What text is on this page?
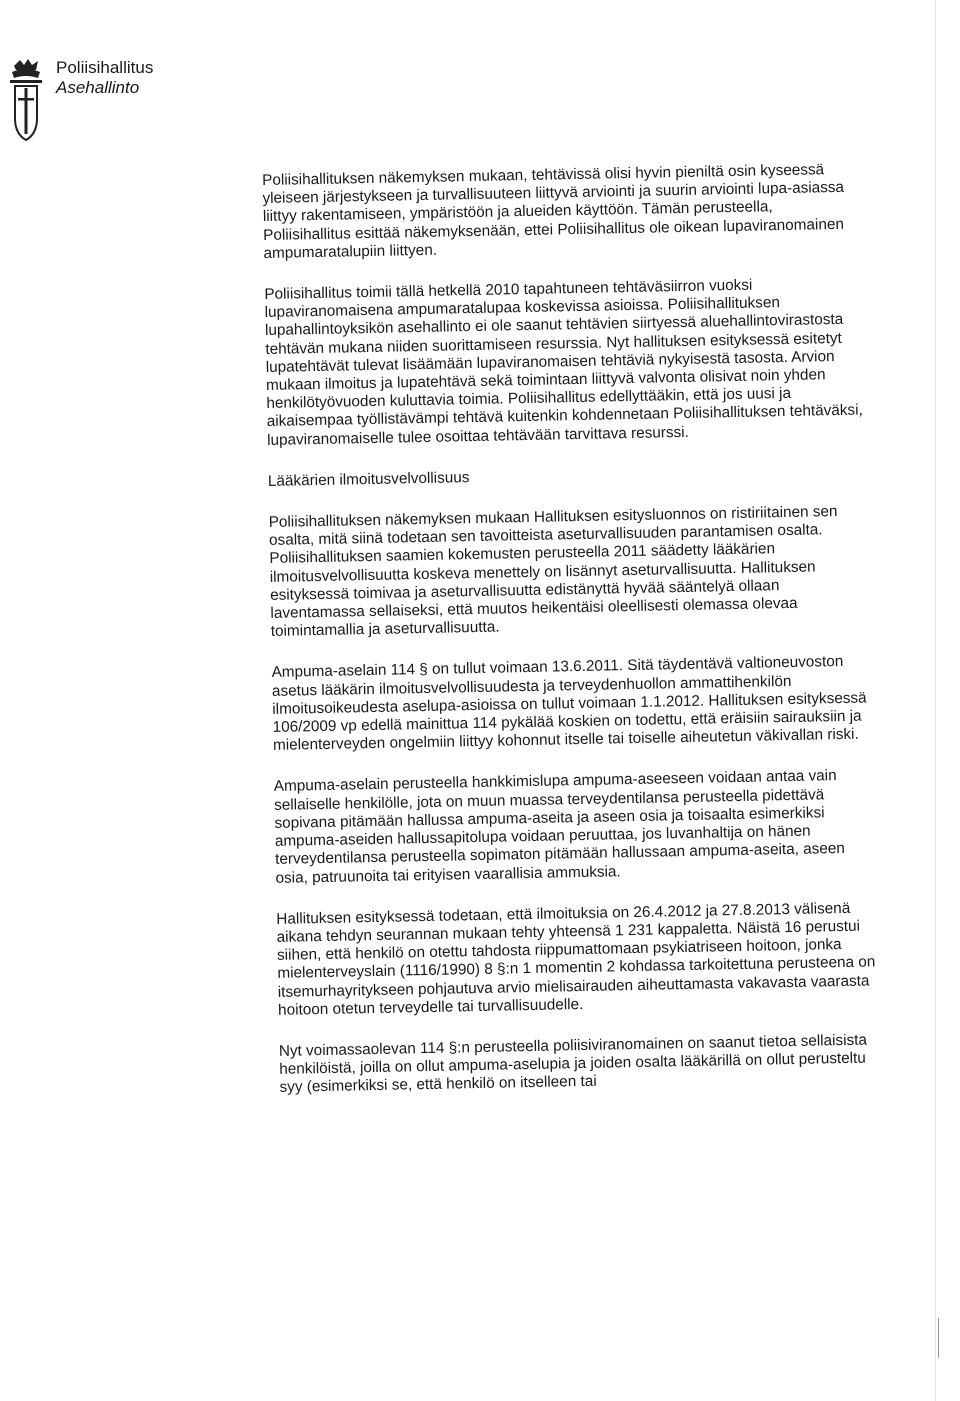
Poliisihallitus
Asehallinto

Poliisihallituksen näkemyksen mukaan, tehtävissä olisi hyvin pieniltä osin kyseessä yleiseen järjestykseen ja turvallisuuteen liittyvä arviointi ja suurin arviointi lupa-asiassa liittyy rakentamiseen, ympäristöön ja alueiden käyttöön. Tämän perusteella, Poliisihallitus esittää näkemyksenään, ettei Poliisihallitus ole oikean lupaviranomainen ampumaratalupiin liittyen.

Poliisihallitus toimii tällä hetkellä 2010 tapahtuneen tehtäväsiirron vuoksi lupaviranomaisena ampumaratalupaa koskevissa asioissa. Poliisihallituksen lupahallintoyksikön asehallinto ei ole saanut tehtävien siirtyessä aluehallintovirastosta tehtävän mukana niiden suorittamiseen resurssia. Nyt hallituksen esityksessä esitetyt lupatehtävät tulevat lisäämään lupaviranomaisen tehtäviä nykyisestä tasosta. Arvion mukaan ilmoitus ja lupatehtävä sekä toimintaan liittyvä valvonta olisivat noin yhden henkilötyövuoden kuluttavia toimia. Poliisihallitus edellyttääkin, että jos uusi ja aikaisempaa työllistävämpi tehtävä kuitenkin kohdennetaan Poliisihallituksen tehtäväksi, lupaviranomaiselle tulee osoittaa tehtävään tarvittava resurssi.

Lääkärien ilmoitusvelvollisuus

Poliisihallituksen näkemyksen mukaan Hallituksen esitysluonnos on ristiriitainen sen osalta, mitä siinä todetaan sen tavoitteista aseturvallisuuden parantamisen osalta. Poliisihallituksen saamien kokemusten perusteella 2011 säädetty lääkärien ilmoitusvelvollisuutta koskeva menettely on lisännyt aseturvallisuutta. Hallituksen esityksessä toimivaa ja aseturvallisuutta edistänyttä hyvää sääntelyä ollaan laventamassa sellaiseksi, että muutos heikentäisi oleellisesti olemassa olevaa toimintamallia ja aseturvallisuutta.

Ampuma-aselain 114 § on tullut voimaan 13.6.2011. Sitä täydentävä valtioneuvoston asetus lääkärin ilmoitusvelvollisuudesta ja terveydenhuollon ammattihenkilön ilmoitusoikeudesta aselupa-asioissa on tullut voimaan 1.1.2012. Hallituksen esityksessä 106/2009 vp edellä mainittua 114 pykälää koskien on todettu, että eräisiin sairauksiin ja mielenterveyden ongelmiin liittyy kohonnut itselle tai toiselle aiheutetun väkivallan riski.

Ampuma-aselain perusteella hankkimislupa ampuma-aseeseen voidaan antaa vain sellaiselle henkilölle, jota on muun muassa terveydentilansa perusteella pidettävä sopivana pitämään hallussa ampuma-aseita ja aseen osia ja toisaalta esimerkiksi ampuma-aseiden hallussapitolupa voidaan peruuttaa, jos luvanhaltija on hänen terveydentilansa perusteella sopimaton pitämään hallussaan ampuma-aseita, aseen osia, patruunoita tai erityisen vaarallisia ammuksia.

Hallituksen esityksessä todetaan, että ilmoituksia on 26.4.2012 ja 27.8.2013 välisenä aikana tehdyn seurannan mukaan tehty yhteensä 1 231 kappaletta. Näistä 16 perustui siihen, että henkilö on otettu tahdosta riippumattomaan psykiatriseen hoitoon, jonka mielenterveyslain (1116/1990) 8 §:n 1 momentin 2 kohdassa tarkoitettuna perusteena on itsemurhayritykseen pohjautuva arvio mielisairauden aiheuttamasta vakavasta vaarasta hoitoon otetun terveydelle tai turvallisuudelle.

Nyt voimassaolevan 114 §:n perusteella poliisiviranomainen on saanut tietoa sellaisista henkilöistä, joilla on ollut ampuma-aselupia ja joiden osalta lääkärillä on ollut perusteltu syy (esimerkiksi se, että henkilö on itselleen tai
